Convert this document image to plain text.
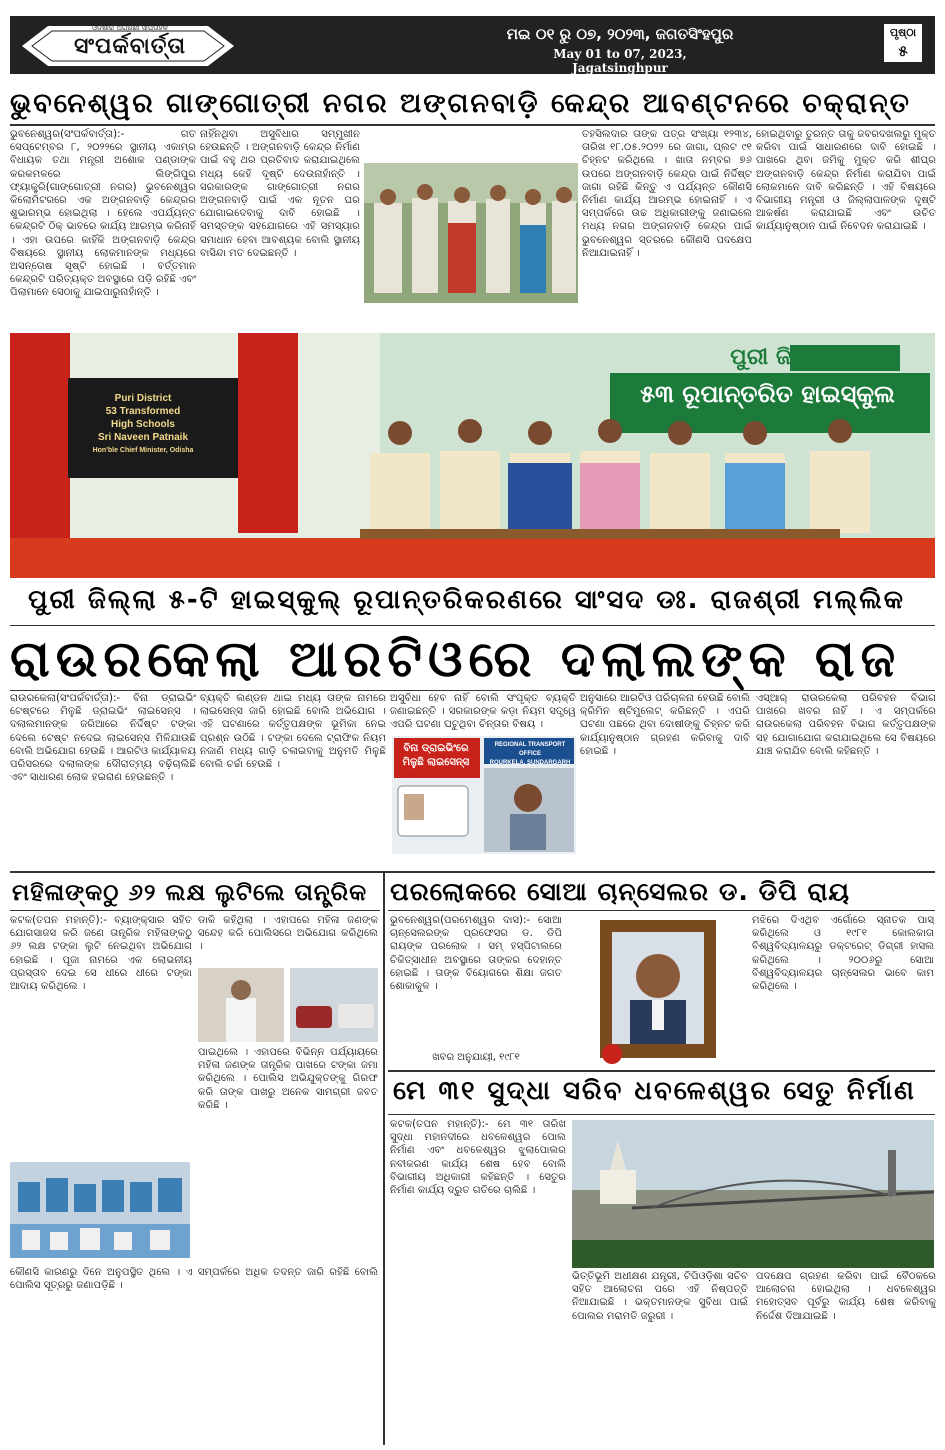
ଓଡ଼ିଶାର ଅଗ୍ରଣୀ ସାପ୍ତାହିକ
ସଂପର୍କବାର୍ତ୍ତା	ମଇ ୦୧ ରୁ ୦୭, ୨୦୨୩, ଜଗତସିଂହପୁର
May 01 to 07, 2023, Jagatsinghpur
ପୃଷ୍ଠା
୫
ଭୁବନେଶ୍ୱର ଗାଙ୍ଗୋତ୍ରୀ ନଗର ଅଙ୍ଗନବାଡ଼ି କେନ୍ଦ୍ର ଆବଣ୍ଟନରେ ଚକ୍ରାନ୍ତ

ଭୁବନେଶ୍ୱର(ସଂପର୍କବାର୍ତ୍ତା):- ଗତ ସେପ୍ଟେମ୍ବର ୮, ୨୦୨୨ରେ ସ୍ଥାନୀୟ ଏକାମ୍ର ବିଧାୟକ ତଥା ମନ୍ତ୍ରୀ ଅଶୋକ ପଣ୍ଡାଙ୍କ କରକମଳରେ ଲିଙ୍ଗିପୁର ଫ୍ୟାକ୍ଟ୍ରି(ଗାଙ୍ଗୋତ୍ରୀ ନଗର) ଭୁବନେଶ୍ୱର କିଲୋମିଟରରେ ଏକ ଅଙ୍ଗନବାଡ଼ି କେନ୍ଦ୍ରର ଶୁଭାରମ୍ଭ ହୋଇଥିଲା । ହେଲେ ଏପର୍ଯ୍ୟନ୍ତ କେନ୍ଦ୍ରଟି ଠିକ୍ ଭାବରେ କାର୍ଯ୍ୟ ଆରମ୍ଭ କରିନାହିଁ । ଏହା ଉପରେ କାହିଁକି ଅଙ୍ଗନବାଡ଼ି କେନ୍ଦ୍ର ବିଷୟରେ ସ୍ଥାନୀୟ ଲୋକମାନଙ୍କ ମଧ୍ୟରେ ଅସନ୍ତୋଷ ସୃଷ୍ଟି ହୋଇଛି । ବର୍ତ୍ତମାନ କେନ୍ଦ୍ରଟି ପରିତ୍ୟକ୍ତ ଅବସ୍ଥାରେ ପଡ଼ି ରହିଛି ଏବଂ ପିଲାମାନେ ସେଠାକୁ ଯାଇପାରୁନାହାଁନ୍ତି ।

ନାହିଁନଥିବା ଅସୁବିଧାର ସମ୍ମୁଖୀନ ହେଉଛନ୍ତି । ଅଙ୍ଗନବାଡ଼ି କେନ୍ଦ୍ର ନିର୍ମାଣ ପାଇଁ ବହୁ ଥର ପ୍ରତିବାଦ କରାଯାଇଥିଲେ ମଧ୍ୟ କେହି ଦୃଷ୍ଟି ଦେଉନାହାଁନ୍ତି । ସରକାରଙ୍କ ଗାଙ୍ଗୋତ୍ରୀ ନଗର ଅଙ୍ଗନବାଡ଼ି ପାଇଁ ଏକ ନୂତନ ଘର ଯୋଗାଇଦେବାକୁ ଦାବି ହୋଇଛି । ସମସ୍ତଙ୍କ ସହଯୋଗରେ ଏହି ସମସ୍ୟାର ସମାଧାନ ହେବା ଆବଶ୍ୟକ ବୋଲି ସ୍ଥାନୀୟ ବାସିନ୍ଦା ମତ ଦେଇଛନ୍ତି ।

ତହସିଲଦାର ତାଙ୍କ ପତ୍ର ସଂଖ୍ୟା ୧୨୩୪, ତାରିଖ ୧୮.୦୫.୨୦୨୨ ରେ ଜାଗା, ପ୍ଲଟ ୯୧ ଚିହ୍ନଟ କରିଥିଲେ । ଖାତା ନମ୍ବର ୭୬ ଉପରେ ଅଙ୍ଗନବାଡ଼ି କେନ୍ଦ୍ର ପାଇଁ ନିର୍ଦ୍ଦିଷ୍ଟ ଜାଗା ରହିଛି କିନ୍ତୁ ଏ ପର୍ଯ୍ୟନ୍ତ କୌଣସି ନିର୍ମାଣ କାର୍ଯ୍ୟ ଆରମ୍ଭ ହୋଇନାହିଁ । ଏ ସମ୍ପର୍କରେ ଉଚ୍ଚ ଅଧିକାରୀଙ୍କୁ ଜଣାଇଲେ ମଧ୍ୟ ନଗର ଅଙ୍ଗନବାଡ଼ି କେନ୍ଦ୍ର ପାଇଁ ଭୁବନେଶ୍ୱର ସ୍ତରରେ କୌଣସି ପଦକ୍ଷେପ ନିଆଯାଇନାହିଁ ।

ହୋଇଥିବାରୁ ତୁରନ୍ତ ତାକୁ ଜବରଦଖଲରୁ ମୁକ୍ତ କରିବା ପାଇଁ ସାଧାରଣରେ ଦାବି ହୋଇଛି । ପାଖରେ ଥିବା ଜମିକୁ ମୁକ୍ତ କରି ଶୀଘ୍ର ଅଙ୍ଗନବାଡ଼ି କେନ୍ଦ୍ର ନିର୍ମାଣ କରାଯିବା ପାଇଁ ଲୋକମାନେ ଦାବି କରିଛନ୍ତି । ଏହି ବିଷୟରେ ବିଭାଗୀୟ ମନ୍ତ୍ରୀ ଓ ଜିଲ୍ଲାପାଳଙ୍କ ଦୃଷ୍ଟି ଆକର୍ଷଣ କରାଯାଇଛି ଏବଂ ଉଚିତ କାର୍ଯ୍ୟାନୁଷ୍ଠାନ ପାଇଁ ନିବେଦନ କରାଯାଇଛି ।

ପୁରୀ ଜିଲ୍ଲା
୫୩ ରୂପାନ୍ତରିତ ହାଇସ୍କୁଲ
Puri District
53 Transformed
High Schools
Sri Naveen Patnaik
Hon'ble Chief Minister, Odisha
ପୁରୀ ଜିଲ୍ଲା ୫-ଟି ହାଇସ୍କୁଲ୍ ରୂପାନ୍ତରିକରଣରେ ସାଂସଦ ଡଃ. ରାଜଶ୍ରୀ ମଲ୍ଲିକ
ରାଉରକେଲା ଆରଟିଓରେ ଦଲାଲଙ୍କ ରାଜ

ରାଉରକେଲା(ସଂପର୍କବାର୍ତ୍ତା):- ବିନା ଡ୍ରାଇଭିଂ ଟେଷ୍ଟରେ ମିଳୁଛି ଡ୍ରାଇଭିଂ ଲାଇସେନ୍ସ । ଦଲାଲମାନଙ୍କ ଜରିଆରେ ନିର୍ଦ୍ଦିଷ୍ଟ ଟଙ୍କା ଦେଲେ ଟେଷ୍ଟ ନଦେଇ ଲାଇସେନ୍ସ ମିଳିଯାଉଛି ବୋଲି ଅଭିଯୋଗ ହେଉଛି । ଆରଟିଓ କାର୍ଯ୍ୟାଳୟ ପରିସରରେ ଦଲାଲଙ୍କ ଦୌରାତ୍ମ୍ୟ ବଢ଼ିଚାଲିଛି ଏବଂ ସାଧାରଣ ଲୋକ ହଇରାଣ ହେଉଛନ୍ତି ।

ବ୍ୟକ୍ତି ଲଣ୍ଡନ ଥାଇ ମଧ୍ୟ ତାଙ୍କ ନାମରେ ଲାଇସେନ୍ସ ଜାରି ହୋଇଛି ବୋଲି ଅଭିଯୋଗ । ଏହି ଘଟଣାରେ କର୍ତ୍ତୃପକ୍ଷଙ୍କ ଭୂମିକା ନେଇ ପ୍ରଶ୍ନ ଉଠିଛି । ଟଙ୍କା ଦେଲେ ଟ୍ରାଫିକ ନିୟମ ନଜାଣି ମଧ୍ୟ ଗାଡ଼ି ଚଳାଇବାକୁ ଅନୁମତି ମିଳୁଛି ବୋଲି ଚର୍ଚ୍ଚା ହେଉଛି ।

ଅସୁବିଧା ହେବ ନାହିଁ ବୋଲି ସଂପୃକ୍ତ ବ୍ୟକ୍ତି ଜଣାଇଛନ୍ତି । ସରକାରଙ୍କ କଡ଼ା ନିୟମ ସତ୍ତ୍ୱେ ଏପରି ଘଟଣା ଘଟୁଥିବା ଚିନ୍ତାର ବିଷୟ ।

ଅନୁସାରେ ଆରଟିଓ ପରିଚାଳନା ହେଉଛି ବୋଲି କ୍ରିମିନ ଷ୍ଟିମୁଲେଟ୍ କରିଛନ୍ତି । ଏପରି ଘଟଣା ପଛରେ ଥିବା ଦୋଷୀଙ୍କୁ ଚିହ୍ନଟ କରି କାର୍ଯ୍ୟାନୁଷ୍ଠାନ ଗ୍ରହଣ କରିବାକୁ ଦାବି ହୋଇଛି ।

ଏସ୍‌ଆର୍ ରାଉରକେଲା ପରିବହନ ବିଭାଗ ପାଖରେ ଖବର ନାହିଁ । ଏ ସମ୍ପର୍କରେ ରାଉରକେଲା ପରିବହନ ବିଭାଗ କର୍ତ୍ତୃପକ୍ଷଙ୍କ ସହ ଯୋଗାଯୋଗ କରାଯାଇଥିଲେ ସେ ବିଷୟରେ ଯାଞ୍ଚ କରାଯିବ ବୋଲି କହିଛନ୍ତି ।

ବିନା ଡ୍ରାଇଭିଂରେ
ମିଳୁଛି ଲାଇସେନ୍ସ
REGIONAL TRANSPORT OFFICE
ROURKELA, SUNDARGARH
ମହିଳାଙ୍କଠୁ ୬୨ ଲକ୍ଷ ଲୁଟିଲେ ତାନ୍ତ୍ରିକ ପରଲୋକରେ ସୋଆ ଚାନ୍ସେଲର ଡ. ଡିପି ରାୟ

କଟକ(ତପନ ମହାନ୍ତି):- ବ୍ୟାଙ୍କ୍‌ସାର ସହିତ ଯୋଗସାଜସ କରି ଜଣେ ତାନ୍ତ୍ରିକ ମହିଳାଙ୍କଠୁ ୬୨ ଲକ୍ଷ ଟଙ୍କା ଲୁଟି ନେଇଥିବା ଅଭିଯୋଗ ହୋଇଛି । ପୂଜା ନାମରେ ଏକ ଲୋଭନୀୟ ପ୍ରସ୍ତାବ ଦେଇ ସେ ଧୀରେ ଧୀରେ ଟଙ୍କା ଆଦାୟ କରିଥିଲେ ।

ଡାକି କହିଥିଲା । ଏହାପରେ ମହିଳା ଜଣଙ୍କ ସନ୍ଦେହ କରି ପୋଲିସରେ ଅଭିଯୋଗ କରିଥିଲେ ।

ପାଇଥିଲେ । ଏହାପରେ ବିଭିନ୍ନ ପର୍ଯ୍ୟାୟରେ ମହିଳା ଜଣଙ୍କ ତାନ୍ତ୍ରିକ ପାଖରେ ଟଙ୍କା ଜମା କରିଥିଲେ । ପୋଲିସ ଅଭିଯୁକ୍ତଙ୍କୁ ଗିରଫ କରି ତାଙ୍କ ପାଖରୁ ଅନେକ ସାମଗ୍ରୀ ଜବତ କରିଛି ।

କୌଣସି କାରଣରୁ ଦିନେ ଅନୁପସ୍ଥିତ ଥିଲେ । ଏ ସମ୍ପର୍କରେ ଅଧିକ ତଦନ୍ତ ଜାରି ରହିଛି ବୋଲି ପୋଲିସ ସୂତ୍ରରୁ ଜଣାପଡ଼ିଛି ।

ଭୁବନେଶ୍ୱର(ପରମେଶ୍ୱର ଦାସ):- ସୋଆ ଚାନ୍ସେଲରଙ୍କ ପ୍ରଫେସର ଡ. ଡିପି ରାୟଙ୍କ ପରଲୋକ । ସମ୍ ହସ୍ପିଟାଲରେ ଚିକିତ୍ସାଧୀନ ଅବସ୍ଥାରେ ତାଙ୍କର ଦେହାନ୍ତ ହୋଇଛି । ତାଙ୍କ ବିୟୋଗରେ ଶିକ୍ଷା ଜଗତ ଶୋକାକୁଳ ।

ଖବର ଅନୁଯାୟୀ, ୧୯୮୧

ମଝିରେ ଦିଏଥିବ ଏର୍ଗୋରେ ସ୍ନାତକ ପାସ୍ କରିଥିଲେ ଓ ୧୯୮୧ କୋଲକାତା ବିଶ୍ୱବିଦ୍ୟାଳୟରୁ ଡକ୍ଟରେଟ୍ ଡିଗ୍ରୀ ହାସଲ କରିଥିଲେ । ୨୦୦୬ରୁ ସୋଆ ବିଶ୍ୱବିଦ୍ୟାଳୟର ଚାନ୍ସେଲର ଭାବେ କାମ କରିଥିଲେ ।

ମେ ୩୧ ସୁଦ୍ଧା ସରିବ ଧବଳେଶ୍ୱର ସେତୁ ନିର୍ମାଣ

କଟକ(ତପନ ମହାନ୍ତି):- ମେ ୩୧ ତାରିଖ ସୁଦ୍ଧା ମହାନଦୀରେ ଧବଳେଶ୍ୱର ପୋଲ ନିର୍ମାଣ ଏବଂ ଧବଳେଶ୍ୱର ଝୁଲାପୋଲର ନବୀକରଣ କାର୍ଯ୍ୟ ଶେଷ ହେବ ବୋଲି ବିଭାଗୀୟ ଅଧିକାରୀ କହିଛନ୍ତି । ସେତୁର ନିର୍ମାଣ କାର୍ଯ୍ୟ ଦ୍ରୁତ ଗତିରେ ଚାଲିଛି ।

ଭିତ୍ତିଭୂମି ଅଧୀକ୍ଷଣ ଯନ୍ତ୍ରୀ, ଟିପିଓଡ଼ିଶା ସଚିବ ସହିତ ଆଲୋଚନା ପରେ ଏହି ନିଷ୍ପତ୍ତି ନିଆଯାଇଛି । ଭକ୍ତମାନଙ୍କ ସୁବିଧା ପାଇଁ ପୋଲର ମରାମତି ଜରୁରୀ ।

ପଦକ୍ଷେପ ଗ୍ରହଣ କରିବା ପାଇଁ ବୈଠକରେ ଆଲୋଚନା ହୋଇଥିଲା । ଧବଳେଶ୍ୱର ମହୋତ୍ସବ ପୂର୍ବରୁ କାର୍ଯ୍ୟ ଶେଷ କରିବାକୁ ନିର୍ଦ୍ଦେଶ ଦିଆଯାଇଛି ।
